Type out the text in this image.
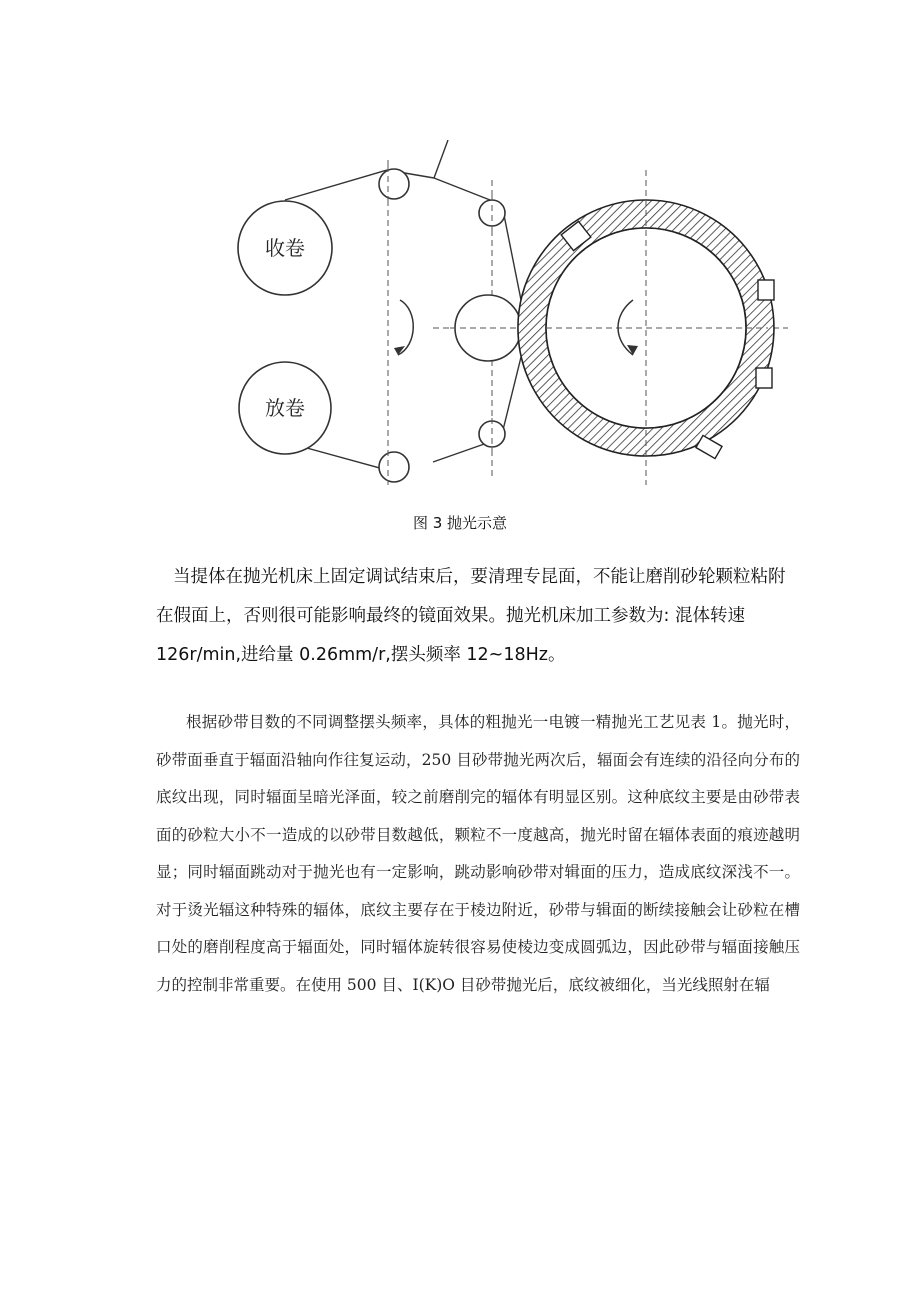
收卷
放卷
图 3 抛光示意

当提体在抛光机床上固定调试结束后，要清理专昆面，不能让磨削砂轮颗粒粘附在假面上，否则很可能影响最终的镜面效果。抛光机床加工参数为: 混体转速 126r/min,进给量 0.26mm/r,摆头频率 12~18Hz。

根据砂带目数的不同调整摆头频率，具体的粗抛光一电镀一精抛光工艺见表 1。抛光时，砂带面垂直于辐面沿轴向作往复运动，250 目砂带抛光两次后，辐面会有连续的沿径向分布的底纹出现，同时辐面呈暗光泽面，较之前磨削完的辐体有明显区别。这种底纹主要是由砂带表面的砂粒大小不一造成的以砂带目数越低，颗粒不一度越高，抛光时留在辐体表面的痕迹越明显；同时辐面跳动对于抛光也有一定影响，跳动影响砂带对辑面的压力，造成底纹深浅不一。对于烫光辐这种特殊的辐体，底纹主要存在于棱边附近，砂带与辑面的断续接触会让砂粒在槽口处的磨削程度高于辐面处，同时辐体旋转很容易使棱边变成圆弧边，因此砂带与辐面接触压力的控制非常重要。在使用 500 目、I(K)O 目砂带抛光后，底纹被细化，当光线照射在辐
